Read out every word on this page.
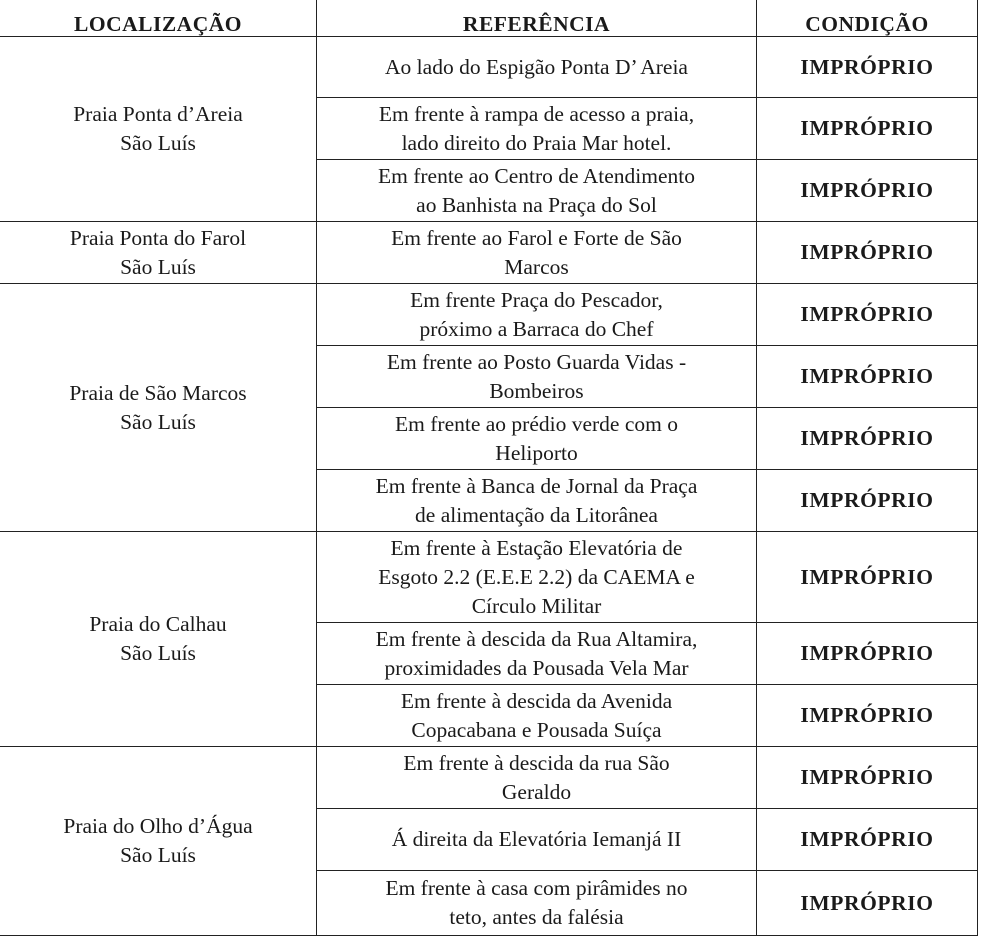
LOCALIZAÇÃO	REFERÊNCIA	CONDIÇÃO

Praia Ponta d’Areia
São Luís	Ao lado do Espigão Ponta D’ Areia	IMPRÓPRIO

	Em frente à rampa de acesso a praia,
lado direito do Praia Mar hotel.	IMPRÓPRIO

	Em frente ao Centro de Atendimento
ao Banhista na Praça do Sol	IMPRÓPRIO

Praia Ponta do Farol
São Luís	Em frente ao Farol e Forte de São
Marcos	IMPRÓPRIO

Praia de São Marcos
São Luís	Em frente Praça do Pescador,
próximo a Barraca do Chef	IMPRÓPRIO

	Em frente ao Posto Guarda Vidas -
Bombeiros	IMPRÓPRIO

	Em frente ao prédio verde com o
Heliporto	IMPRÓPRIO

	Em frente à Banca de Jornal da Praça
de alimentação da Litorânea	IMPRÓPRIO

Praia do Calhau
São Luís	Em frente à Estação Elevatória de
Esgoto 2.2 (E.E.E 2.2) da CAEMA e
Círculo Militar	IMPRÓPRIO

	Em frente à descida da Rua Altamira,
proximidades da Pousada Vela Mar	IMPRÓPRIO

	Em frente à descida da Avenida
Copacabana e Pousada Suíça	IMPRÓPRIO

Praia do Olho d’Água
São Luís	Em frente à descida da rua São
Geraldo	IMPRÓPRIO

	Á direita da Elevatória Iemanjá II	IMPRÓPRIO

	Em frente à casa com pirâmides no
teto, antes da falésia	IMPRÓPRIO
